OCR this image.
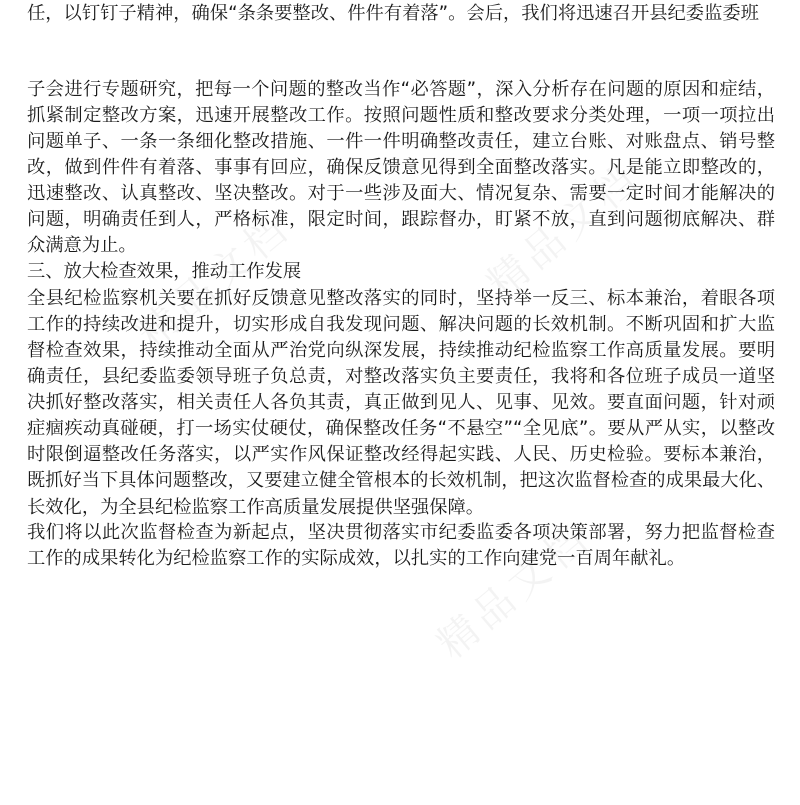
任，以钉钉子精神，确保“条条要整改、件件有着落”。会后，我们将迅速召开县纪委监委班
子会进行专题研究，把每一个问题的整改当作“必答题”，深入分析存在问题的原因和症结，
抓紧制定整改方案，迅速开展整改工作。按照问题性质和整改要求分类处理，一项一项拉出
问题单子、一条一条细化整改措施、一件一件明确整改责任，建立台账、对账盘点、销号整
改，做到件件有着落、事事有回应，确保反馈意见得到全面整改落实。凡是能立即整改的，
迅速整改、认真整改、坚决整改。对于一些涉及面大、情况复杂、需要一定时间才能解决的
问题，明确责任到人，严格标准，限定时间，跟踪督办，盯紧不放，直到问题彻底解决、群
众满意为止。
三、放大检查效果，推动工作发展
全县纪检监察机关要在抓好反馈意见整改落实的同时，坚持举一反三、标本兼治，着眼各项
工作的持续改进和提升，切实形成自我发现问题、解决问题的长效机制。不断巩固和扩大监
督检查效果，持续推动全面从严治党向纵深发展，持续推动纪检监察工作高质量发展。要明
确责任，县纪委监委领导班子负总责，对整改落实负主要责任，我将和各位班子成员一道坚
决抓好整改落实，相关责任人各负其责，真正做到见人、见事、见效。要直面问题，针对顽
症痼疾动真碰硬，打一场实仗硬仗，确保整改任务“不悬空”“全见底”。要从严从实，以整改
时限倒逼整改任务落实，以严实作风保证整改经得起实践、人民、历史检验。要标本兼治，
既抓好当下具体问题整改，又要建立健全管根本的长效机制，把这次监督检查的成果最大化、
长效化，为全县纪检监察工作高质量发展提供坚强保障。
我们将以此次监督检查为新起点，坚决贯彻落实市纪委监委各项决策部署，努力把监督检查
工作的成果转化为纪检监察工作的实际成效，以扎实的工作向建党一百周年献礼。
